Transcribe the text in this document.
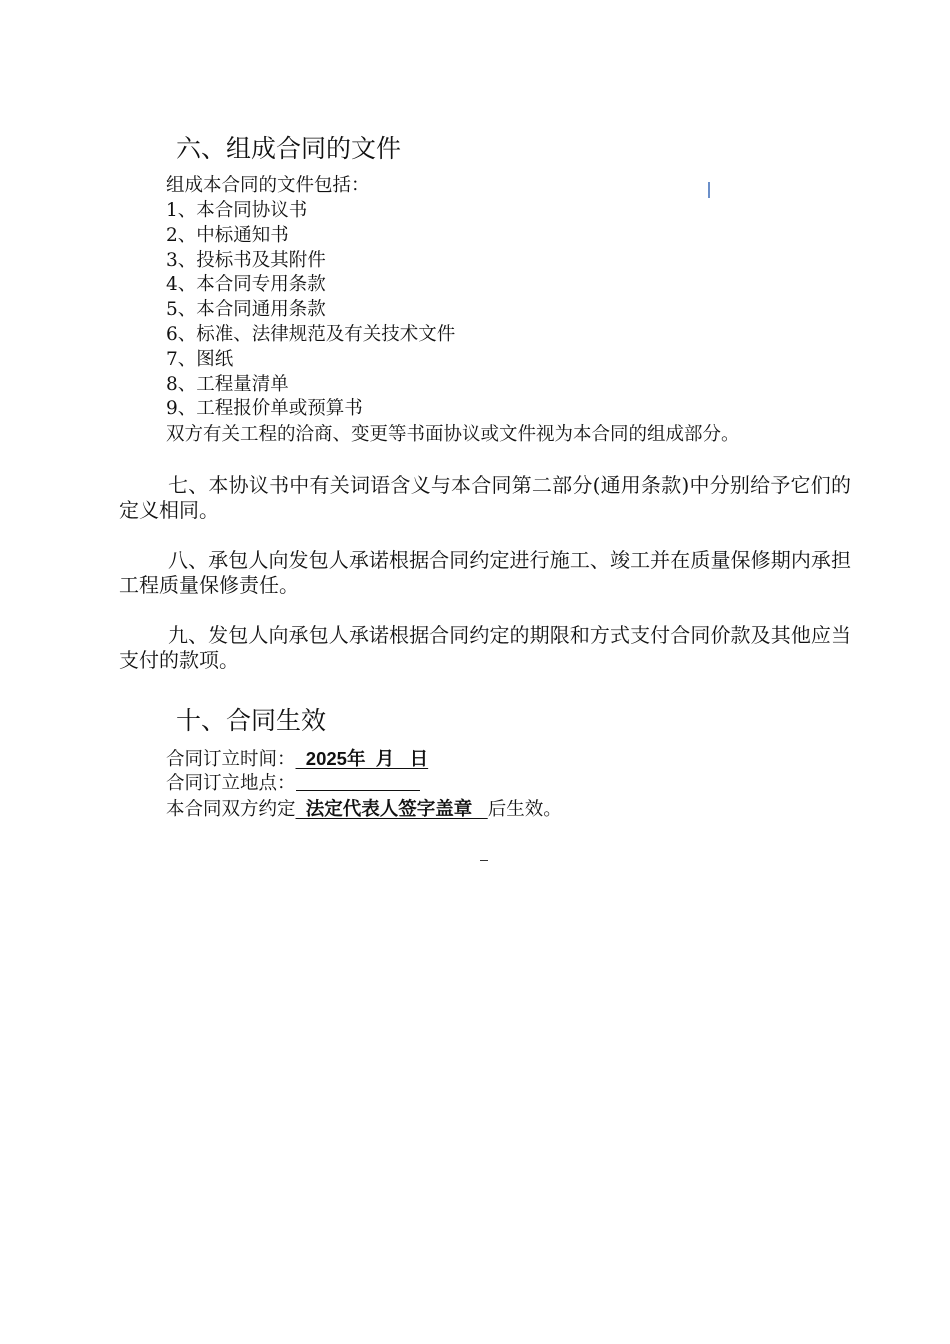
六、组成合同的文件
组成本合同的文件包括：
1、本合同协议书
2、中标通知书
3、投标书及其附件
4、本合同专用条款
5、本合同通用条款
6、标准、法律规范及有关技术文件
7、图纸
8、工程量清单
9、工程报价单或预算书
双方有关工程的洽商、变更等书面协议或文件视为本合同的组成部分。

七、本协议书中有关词语含义与本合同第二部分(通用条款)中分别给予它们的定义相同。

八、承包人向发包人承诺根据合同约定进行施工、竣工并在质量保修期内承担工程质量保修责任。

九、发包人向承包人承诺根据合同约定的期限和方式支付合同价款及其他应当支付的款项。

十、合同生效
合同订立时间：  2025年  月   日
合同订立地点：
本合同双方约定  法定代表人签字盖章   后生效。
